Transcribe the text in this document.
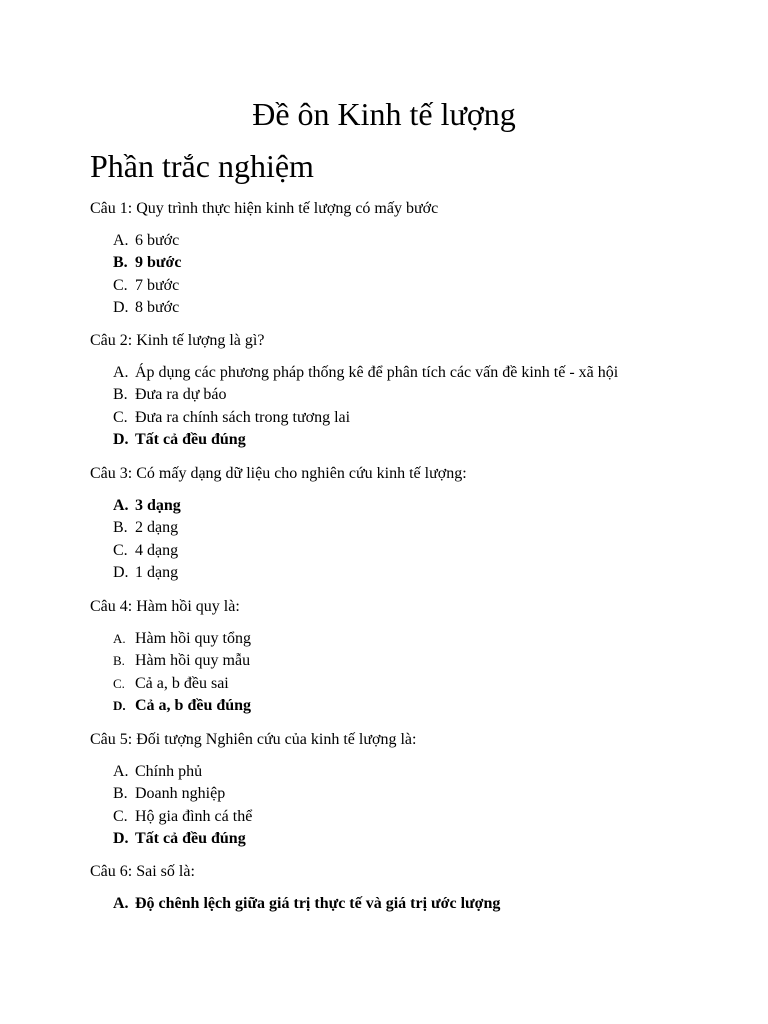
Đề ôn Kinh tế lượng
Phần trắc nghiệm
Câu 1: Quy trình thực hiện kinh tế lượng có mấy bước
A. 6 bước
B. 9 bước
C. 7 bước
D. 8 bước
Câu 2: Kinh tế lượng là gì?
A. Áp dụng các phương pháp thống kê để phân tích các vấn đề kinh tế - xã hội
B. Đưa ra dự báo
C. Đưa ra chính sách trong tương lai
D. Tất cả đều đúng
Câu 3: Có mấy dạng dữ liệu cho nghiên cứu kinh tế lượng:
A. 3 dạng
B. 2 dạng
C. 4 dạng
D. 1 dạng
Câu 4: Hàm hồi quy là:
A. Hàm hồi quy tổng
B. Hàm hồi quy mẫu
C. Cả a, b đều sai
D. Cả a, b đều đúng
Câu 5: Đối tượng Nghiên cứu của kinh tế lượng là:
A. Chính phủ
B. Doanh nghiệp
C. Hộ gia đình cá thể
D. Tất cả đều đúng
Câu 6: Sai số là:
A. Độ chênh lệch giữa giá trị thực tế và giá trị ước lượng
